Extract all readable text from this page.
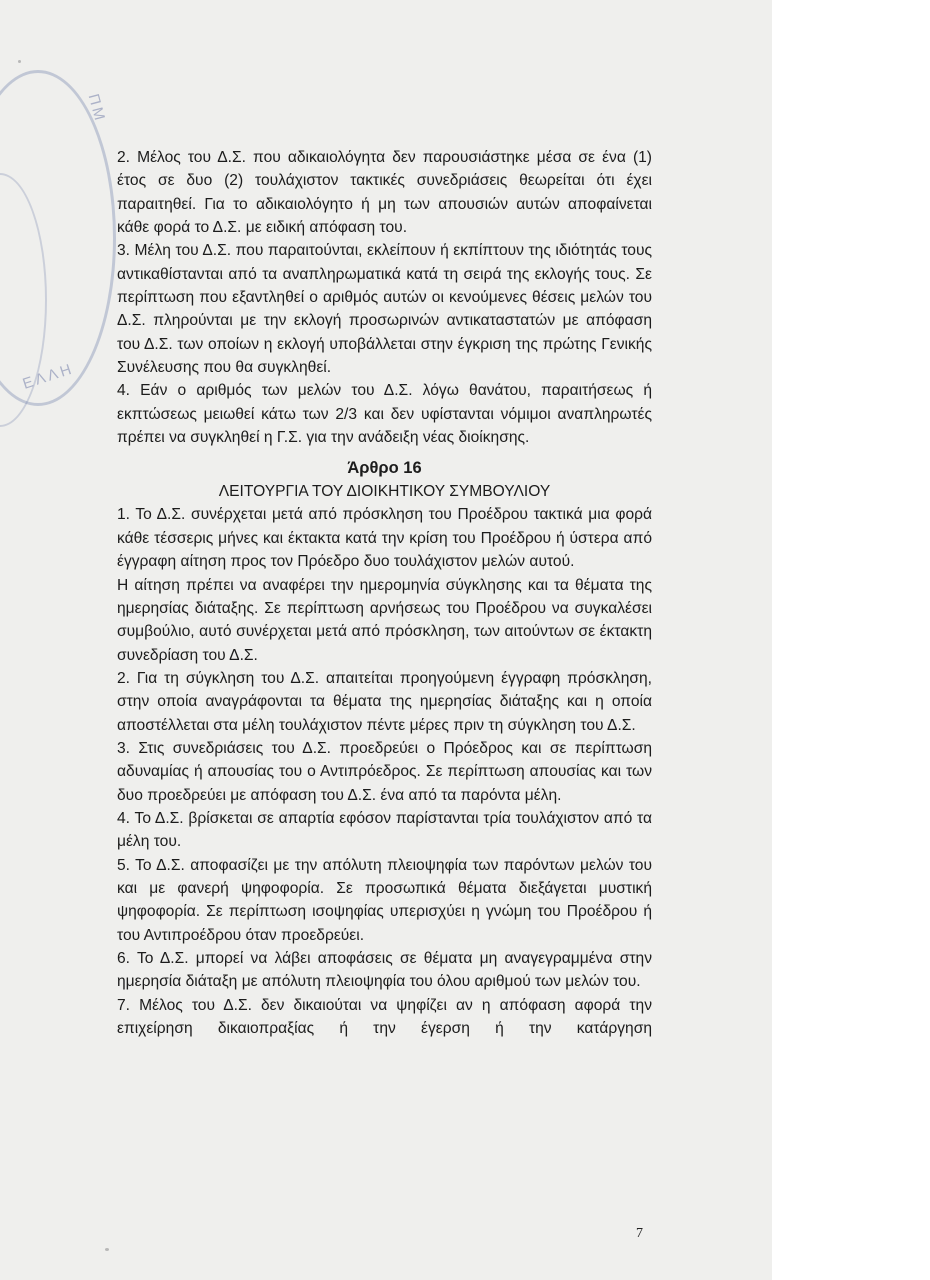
ΕΛΛΗ
ΠΜ

2. Μέλος του Δ.Σ. που αδικαιολόγητα δεν παρουσιάστηκε μέσα σε ένα (1) έτος σε δυο (2) τουλάχιστον τακτικές συνεδριάσεις θεωρείται ότι έχει παραιτηθεί. Για το αδικαιολόγητο ή μη των απουσιών αυτών αποφαίνεται κάθε φορά το Δ.Σ. με ειδική απόφαση του.

3. Μέλη του Δ.Σ. που παραιτούνται, εκλείπουν ή εκπίπτουν της ιδιότητάς τους αντικαθίστανται από τα αναπληρωματικά κατά τη σειρά της εκλογής τους. Σε περίπτωση που εξαντληθεί ο αριθμός αυτών οι κενούμενες θέσεις μελών του Δ.Σ. πληρούνται με την εκλογή προσωρινών αντικαταστατών με απόφαση του Δ.Σ. των οποίων η εκλογή υποβάλλεται στην έγκριση της πρώτης Γενικής Συνέλευσης που θα συγκληθεί.

4. Εάν ο αριθμός των μελών του Δ.Σ. λόγω θανάτου, παραιτήσεως ή εκπτώσεως μειωθεί κάτω των 2/3 και δεν υφίστανται νόμιμοι αναπληρωτές πρέπει να συγκληθεί η Γ.Σ. για την ανάδειξη νέας διοίκησης.

Άρθρο 16
ΛΕΙΤΟΥΡΓΙΑ ΤΟΥ ΔΙΟΙΚΗΤΙΚΟΥ ΣΥΜΒΟΥΛΙΟΥ

1. Το Δ.Σ. συνέρχεται μετά από πρόσκληση του Προέδρου τακτικά μια φορά κάθε τέσσερις μήνες και έκτακτα κατά την κρίση του Προέδρου ή ύστερα από έγγραφη αίτηση προς τον Πρόεδρο δυο τουλάχιστον μελών αυτού.

Η αίτηση πρέπει να αναφέρει την ημερομηνία σύγκλησης και τα θέματα της ημερησίας διάταξης. Σε περίπτωση αρνήσεως του Προέδρου να συγκαλέσει συμβούλιο, αυτό συνέρχεται μετά από πρόσκληση, των αιτούντων σε έκτακτη συνεδρίαση του Δ.Σ.

2. Για τη σύγκληση του Δ.Σ. απαιτείται προηγούμενη έγγραφη πρόσκληση, στην οποία αναγράφονται τα θέματα της ημερησίας διάταξης και η οποία αποστέλλεται στα μέλη τουλάχιστον πέντε μέρες πριν τη σύγκληση του Δ.Σ.

3. Στις συνεδριάσεις του Δ.Σ. προεδρεύει ο Πρόεδρος και σε περίπτωση αδυναμίας ή απουσίας του ο Αντιπρόεδρος. Σε περίπτωση απουσίας και των δυο προεδρεύει με απόφαση του Δ.Σ. ένα από τα παρόντα μέλη.

4. Το Δ.Σ. βρίσκεται σε απαρτία εφόσον παρίστανται τρία τουλάχιστον από τα μέλη του.

5. Το Δ.Σ. αποφασίζει με την απόλυτη πλειοψηφία των παρόντων μελών του και με φανερή ψηφοφορία. Σε προσωπικά θέματα διεξάγεται μυστική ψηφοφορία. Σε περίπτωση ισοψηφίας υπερισχύει η γνώμη του Προέδρου ή του Αντιπροέδρου όταν προεδρεύει.

6. Το Δ.Σ. μπορεί να λάβει αποφάσεις σε θέματα μη αναγεγραμμένα στην ημερησία διάταξη με απόλυτη πλειοψηφία του όλου αριθμού των μελών του.

7. Μέλος του Δ.Σ. δεν δικαιούται να ψηφίζει αν η απόφαση αφορά την επιχείρηση δικαιοπραξίας ή την έγερση ή την κατάργηση

7
